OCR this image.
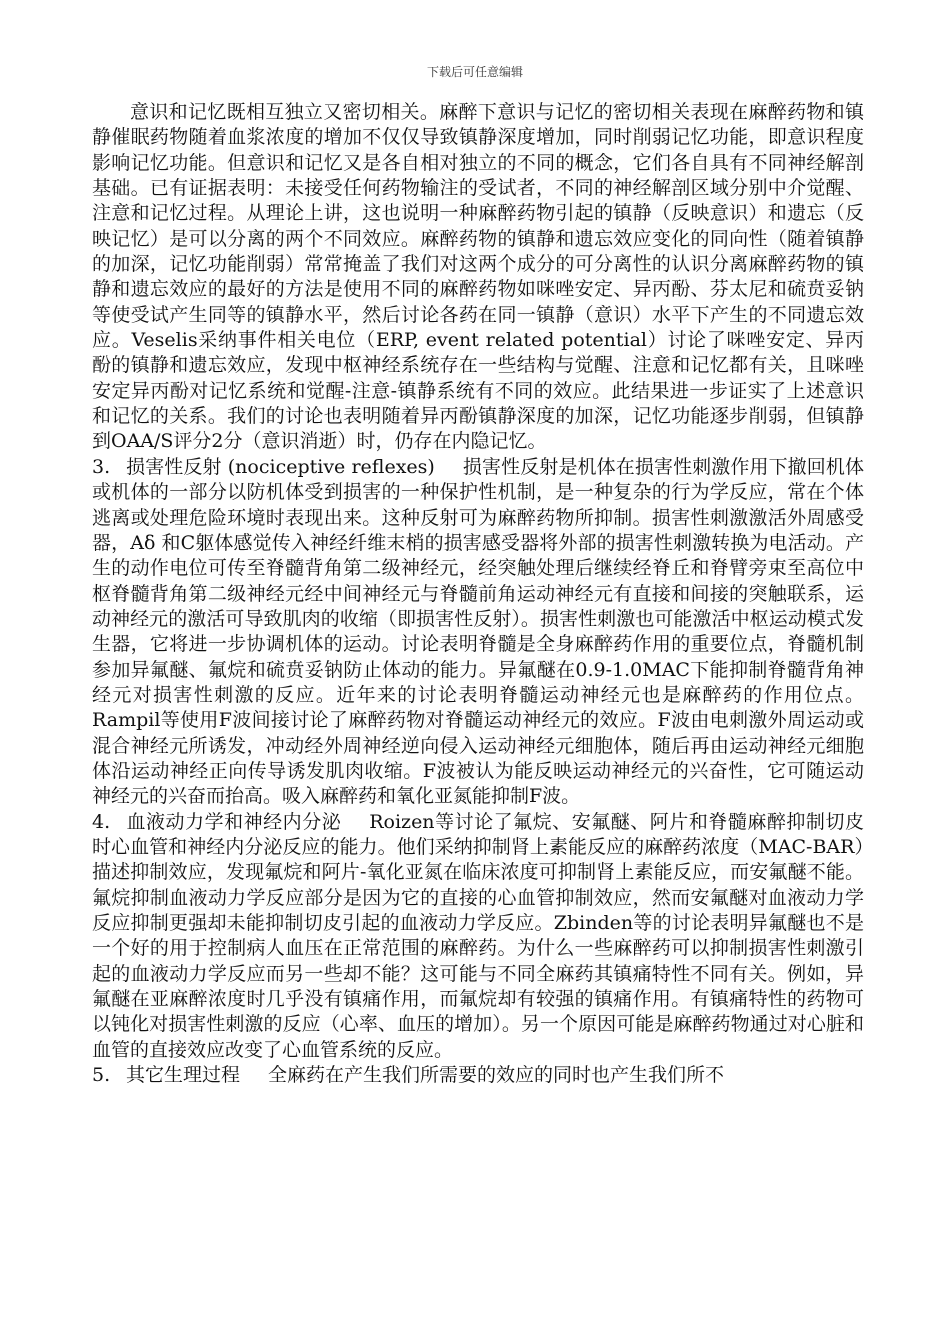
下载后可任意编辑

意识和记忆既相互独立又密切相关。麻醉下意识与记忆的密切相关表现在麻醉药物和镇静催眠药物随着血浆浓度的增加不仅仅导致镇静深度增加，同时削弱记忆功能，即意识程度影响记忆功能。但意识和记忆又是各自相对独立的不同的概念，它们各自具有不同神经解剖基础。已有证据表明：未接受任何药物输注的受试者，不同的神经解剖区域分别中介觉醒、注意和记忆过程。从理论上讲，这也说明一种麻醉药物引起的镇静（反映意识）和遗忘（反映记忆）是可以分离的两个不同效应。麻醉药物的镇静和遗忘效应变化的同向性（随着镇静的加深，记忆功能削弱）常常掩盖了我们对这两个成分的可分离性的认识分离麻醉药物的镇静和遗忘效应的最好的方法是使用不同的麻醉药物如咪唑安定、异丙酚、芬太尼和硫贲妥钠等使受试产生同等的镇静水平，然后讨论各药在同一镇静（意识）水平下产生的不同遗忘效应。Veselis采纳事件相关电位（ERP, event related potential）讨论了咪唑安定、异丙酚的镇静和遗忘效应，发现中枢神经系统存在一些结构与觉醒、注意和记忆都有关，且咪唑安定异丙酚对记忆系统和觉醒-注意-镇静系统有不同的效应。此结果进一步证实了上述意识和记忆的关系。我们的讨论也表明随着异丙酚镇静深度的加深，记忆功能逐步削弱，但镇静到OAA/S评分2分（意识消逝）时，仍存在内隐记忆。

3. 损害性反射 (nociceptive reflexes) 损害性反射是机体在损害性刺激作用下撤回机体或机体的一部分以防机体受到损害的一种保护性机制，是一种复杂的行为学反应，常在个体逃离或处理危险环境时表现出来。这种反射可为麻醉药物所抑制。损害性刺激激活外周感受器，Aδ 和C躯体感觉传入神经纤维末梢的损害感受器将外部的损害性刺激转换为电活动。产生的动作电位可传至脊髓背角第二级神经元，经突触处理后继续经脊丘和脊臂旁束至高位中枢脊髓背角第二级神经元经中间神经元与脊髓前角运动神经元有直接和间接的突触联系，运动神经元的激活可导致肌肉的收缩（即损害性反射）。损害性刺激也可能激活中枢运动模式发生器，它将进一步协调机体的运动。讨论表明脊髓是全身麻醉药作用的重要位点，脊髓机制参加异氟醚、氟烷和硫贲妥钠防止体动的能力。异氟醚在0.9-1.0MAC下能抑制脊髓背角神经元对损害性刺激的反应。近年来的讨论表明脊髓运动神经元也是麻醉药的作用位点。Rampil等使用F波间接讨论了麻醉药物对脊髓运动神经元的效应。F波由电刺激外周运动或混合神经元所诱发，冲动经外周神经逆向侵入运动神经元细胞体，随后再由运动神经元细胞体沿运动神经正向传导诱发肌肉收缩。F波被认为能反映运动神经元的兴奋性，它可随运动神经元的兴奋而抬高。吸入麻醉药和氧化亚氮能抑制F波。

4. 血液动力学和神经内分泌 Roizen等讨论了氟烷、安氟醚、阿片和脊髓麻醉抑制切皮时心血管和神经内分泌反应的能力。他们采纳抑制肾上素能反应的麻醉药浓度（MAC-BAR）描述抑制效应，发现氟烷和阿片-氧化亚氮在临床浓度可抑制肾上素能反应，而安氟醚不能。氟烷抑制血液动力学反应部分是因为它的直接的心血管抑制效应，然而安氟醚对血液动力学反应抑制更强却未能抑制切皮引起的血液动力学反应。Zbinden等的讨论表明异氟醚也不是一个好的用于控制病人血压在正常范围的麻醉药。为什么一些麻醉药可以抑制损害性刺激引起的血液动力学反应而另一些却不能？这可能与不同全麻药其镇痛特性不同有关。例如，异氟醚在亚麻醉浓度时几乎没有镇痛作用，而氟烷却有较强的镇痛作用。有镇痛特性的药物可以钝化对损害性刺激的反应（心率、血压的增加）。另一个原因可能是麻醉药物通过对心脏和血管的直接效应改变了心血管系统的反应。

5. 其它生理过程 全麻药在产生我们所需要的效应的同时也产生我们所不
